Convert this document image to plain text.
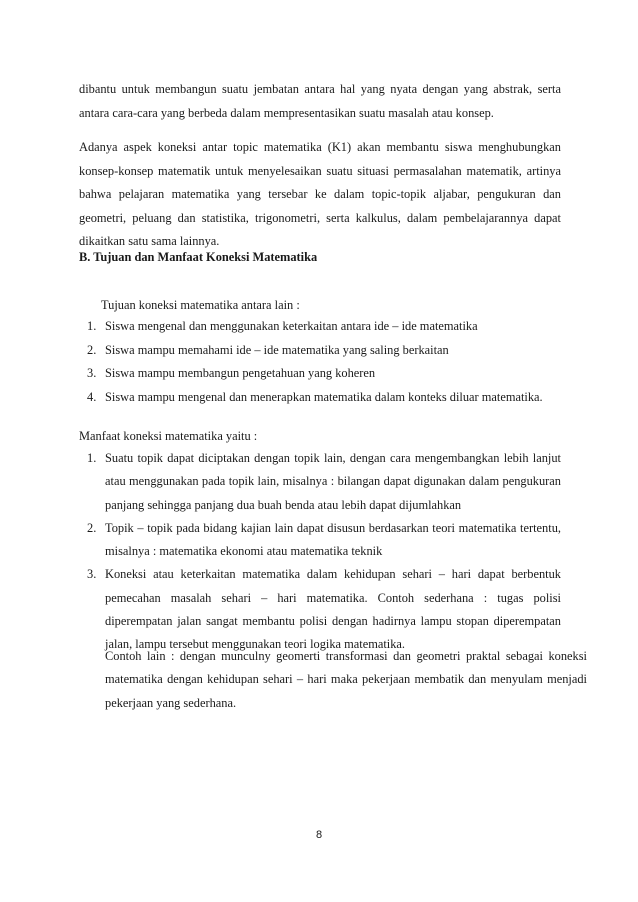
dibantu untuk membangun suatu jembatan antara hal yang nyata dengan yang abstrak, serta antara cara-cara yang berbeda dalam mempresentasikan suatu masalah atau konsep.

Adanya aspek koneksi antar topic matematika (K1) akan membantu siswa menghubungkan konsep-konsep matematik untuk menyelesaikan suatu situasi permasalahan matematik, artinya bahwa pelajaran matematika yang tersebar ke dalam topic-topik aljabar, pengukuran dan geometri, peluang dan statistika, trigonometri, serta kalkulus, dalam pembelajarannya dapat dikaitkan satu sama lainnya.

B. Tujuan dan Manfaat Koneksi Matematika

Tujuan koneksi matematika antara lain :

1. Siswa mengenal dan menggunakan keterkaitan antara ide – ide matematika
2. Siswa mampu memahami ide – ide matematika yang saling berkaitan
3. Siswa mampu membangun pengetahuan yang koheren
4. Siswa mampu mengenal dan menerapkan matematika dalam konteks diluar matematika.

Manfaat koneksi matematika yaitu :

1. Suatu topik dapat diciptakan dengan topik lain, dengan cara mengembangkan lebih lanjut atau menggunakan pada topik lain, misalnya : bilangan dapat digunakan dalam pengukuran panjang sehingga panjang dua buah benda atau lebih dapat dijumlahkan
2. Topik – topik pada bidang kajian lain dapat disusun berdasarkan teori matematika tertentu, misalnya : matematika ekonomi atau matematika teknik
3. Koneksi atau keterkaitan matematika dalam kehidupan sehari – hari dapat berbentuk pemecahan masalah sehari – hari matematika. Contoh sederhana : tugas polisi diperempatan jalan sangat membantu polisi dengan hadirnya lampu stopan diperempatan jalan, lampu tersebut menggunakan teori logika matematika.

Contoh lain : dengan munculny geomerti transformasi dan geometri praktal sebagai koneksi matematika dengan kehidupan sehari – hari maka pekerjaan membatik dan menyulam menjadi pekerjaan yang sederhana.

8
